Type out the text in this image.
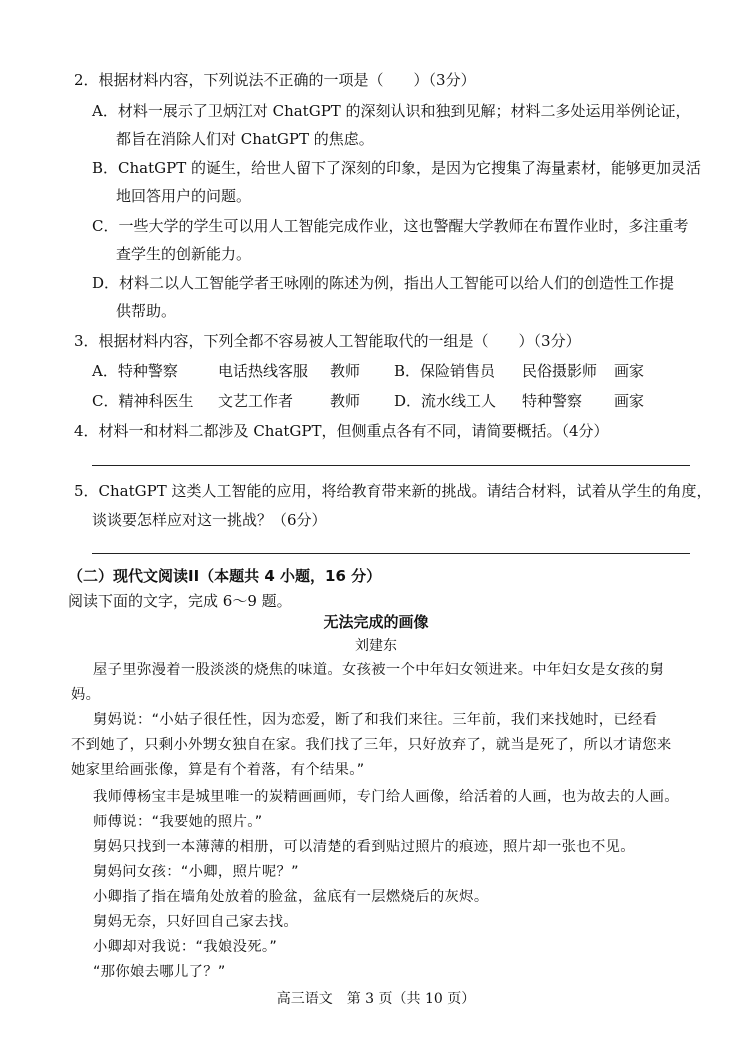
2．根据材料内容，下列说法不正确的一项是（　　）（3分）
A．材料一展示了卫炳江对 ChatGPT 的深刻认识和独到见解；材料二多处运用举例论证，
都旨在消除人们对 ChatGPT 的焦虑。
B．ChatGPT 的诞生，给世人留下了深刻的印象，是因为它搜集了海量素材，能够更加灵活
地回答用户的问题。
C．一些大学的学生可以用人工智能完成作业，这也警醒大学教师在布置作业时，多注重考
查学生的创新能力。
D．材料二以人工智能学者王咏刚的陈述为例，指出人工智能可以给人们的创造性工作提
供帮助。
3．根据材料内容，下列全都不容易被人工智能取代的一组是（　　）（3分）
A．特种警察	电话热线客服 教师 B．保险销售员 民俗摄影师 画家
C．精神科医生 文艺工作者 教师 D．流水线工人 特种警察 画家
4．材料一和材料二都涉及 ChatGPT，但侧重点各有不同，请简要概括。（4分）
5．ChatGPT 这类人工智能的应用，将给教育带来新的挑战。请结合材料，试着从学生的角度，
谈谈要怎样应对这一挑战？（6分）
（二）现代文阅读II（本题共 4 小题，16 分）
阅读下面的文字，完成 6～9 题。
无法完成的画像
刘建东
屋子里弥漫着一股淡淡的烧焦的味道。女孩被一个中年妇女领进来。中年妇女是女孩的舅
妈。
舅妈说：“小姑子很任性，因为恋爱，断了和我们来往。三年前，我们来找她时，已经看
不到她了，只剩小外甥女独自在家。我们找了三年，只好放弃了，就当是死了，所以才请您来
她家里给画张像，算是有个着落，有个结果。”
我师傅杨宝丰是城里唯一的炭精画画师，专门给人画像，给活着的人画，也为故去的人画。
师傅说：“我要她的照片。”
舅妈只找到一本薄薄的相册，可以清楚的看到贴过照片的痕迹，照片却一张也不见。
舅妈问女孩：“小卿，照片呢？”
小卿指了指在墙角处放着的脸盆，盆底有一层燃烧后的灰烬。
舅妈无奈，只好回自己家去找。
小卿却对我说：“我娘没死。”
“那你娘去哪儿了？”
高三语文　第 3 页（共 10 页）
